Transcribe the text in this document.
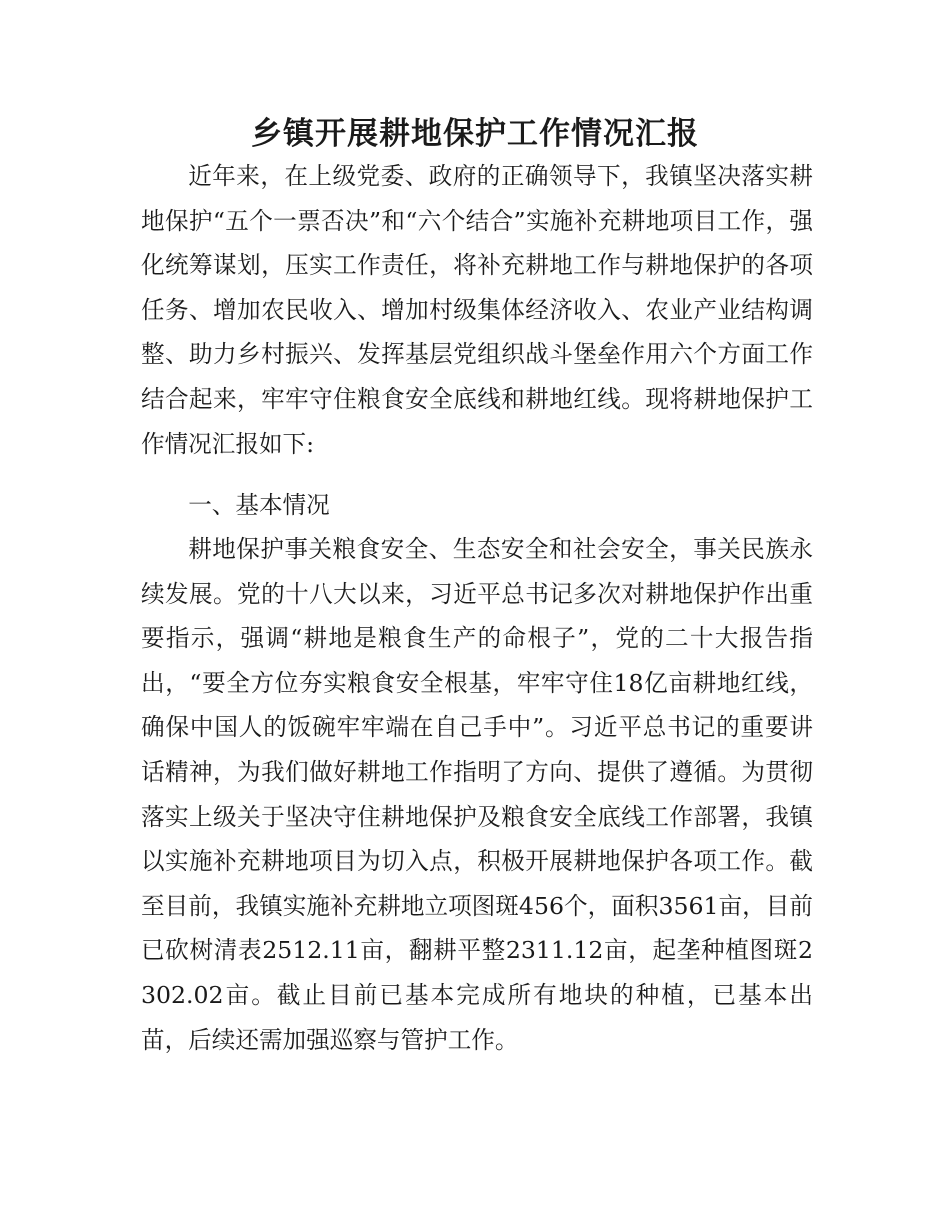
乡镇开展耕地保护工作情况汇报

近年来，在上级党委、政府的正确领导下，我镇坚决落实耕地保护“五个一票否决”和“六个结合”实施补充耕地项目工作，强化统筹谋划，压实工作责任，将补充耕地工作与耕地保护的各项任务、增加农民收入、增加村级集体经济收入、农业产业结构调整、助力乡村振兴、发挥基层党组织战斗堡垒作用六个方面工作结合起来，牢牢守住粮食安全底线和耕地红线。现将耕地保护工作情况汇报如下:

一、基本情况

耕地保护事关粮食安全、生态安全和社会安全，事关民族永续发展。党的十八大以来，习近平总书记多次对耕地保护作出重要指示，强调“耕地是粮食生产的命根子”，党的二十大报告指出，“要全方位夯实粮食安全根基，牢牢守住18亿亩耕地红线，确保中国人的饭碗牢牢端在自己手中”。习近平总书记的重要讲话精神，为我们做好耕地工作指明了方向、提供了遵循。为贯彻落实上级关于坚决守住耕地保护及粮食安全底线工作部署，我镇以实施补充耕地项目为切入点，积极开展耕地保护各项工作。截至目前，我镇实施补充耕地立项图斑456个，面积3561亩，目前已砍树清表2512.11亩，翻耕平整2311.12亩，起垄种植图斑2302.02亩。截止目前已基本完成所有地块的种植，已基本出苗，后续还需加强巡察与管护工作。
